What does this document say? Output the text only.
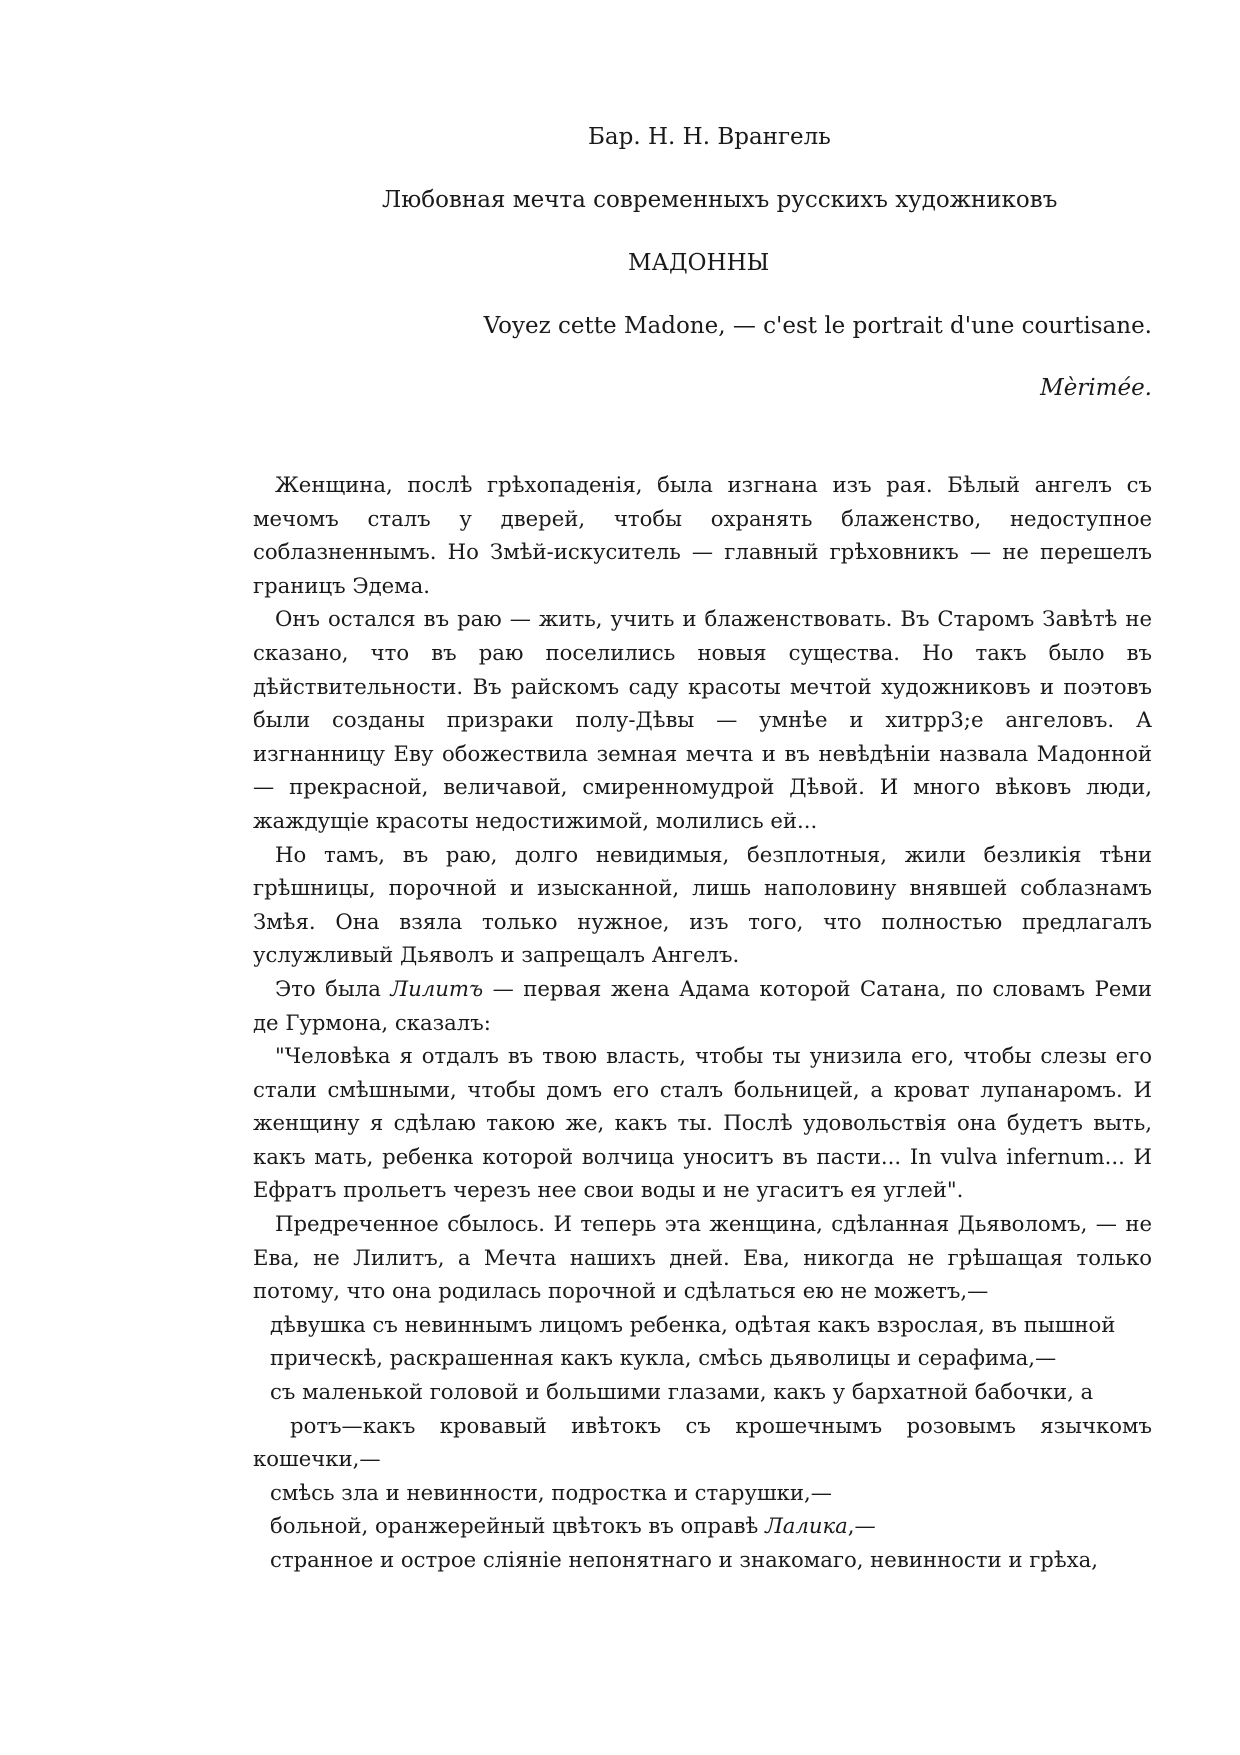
Бар. Н. Н. Врангель
Любовная мечта современныхъ русскихъ художниковъ
МАДОННЫ
Voyez cette Madone, — c'est le portrait d'une courtisane.
Mèrimée.

Женщина, послѣ грѣхопаденія, была изгнана изъ рая. Бѣлый ангелъ съ мечомъ сталъ у дверей, чтобы охранять блаженство, недоступное соблазненнымъ. Но Змѣй-искуситель — главный грѣховникъ — не перешелъ границъ Эдема.

Онъ остался въ раю — жить, учить и блаженствовать. Въ Старомъ Завѣтѣ не сказано, что въ раю поселились новыя существа. Но такъ было въ дѣйствительности. Въ райскомъ саду красоты мечтой художниковъ и поэтовъ были созданы призраки полу-Дѣвы — умнѣе и хитрр3;е ангеловъ. А изгнанницу Еву обожествила земная мечта и въ невѣдѣніи назвала Мадонной — прекрасной, величавой, смиренномудрой Дѣвой. И много вѣковъ люди, жаждущіе красоты недостижимой, молились ей...

Но тамъ, въ раю, долго невидимыя, безплотныя, жили безликія тѣни грѣшницы, порочной и изысканной, лишь наполовину внявшей соблазнамъ Змѣя. Она взяла только нужное, изъ того, что полностью предлагалъ услужливый Дьяволъ и запрещалъ Ангелъ.

Это была Лилитъ — первая жена Адама которой Сатана, по словамъ Реми де Гурмона, сказалъ:

"Человѣка я отдалъ въ твою власть, чтобы ты унизила его, чтобы слезы его стали смѣшными, чтобы домъ его сталъ больницей, а кроват лупанаромъ. И женщину я сдѣлаю такою же, какъ ты. Послѣ удовольствія она будетъ выть, какъ мать, ребенка которой волчица уноситъ въ пасти... In vulva infernum... И Ефратъ прольетъ черезъ нее свои воды и не угаситъ ея углей".

Предреченное сбылось. И теперь эта женщина, сдѣланная Дьяволомъ, — не Ева, не Лилитъ, а Мечта нашихъ дней. Ева, никогда не грѣшащая только потому, что она родилась порочной и сдѣлаться ею не можетъ,—

дѣвушка съ невиннымъ лицомъ ребенка, одѣтая какъ взрослая, въ пышной

прическѣ, раскрашенная какъ кукла, смѣсь дьяволицы и серафима,—

съ маленькой головой и большими глазами, какъ у бархатной бабочки, а

ротъ—какъ кровавый ивѣтокъ съ крошечнымъ розовымъ язычкомъ кошечки,—

смѣсь зла и невинности, подростка и старушки,—

больной, оранжерейный цвѣтокъ въ оправѣ Лалика,—

странное и острое сліяніе непонятнаго и знакомаго, невинности и грѣха,
